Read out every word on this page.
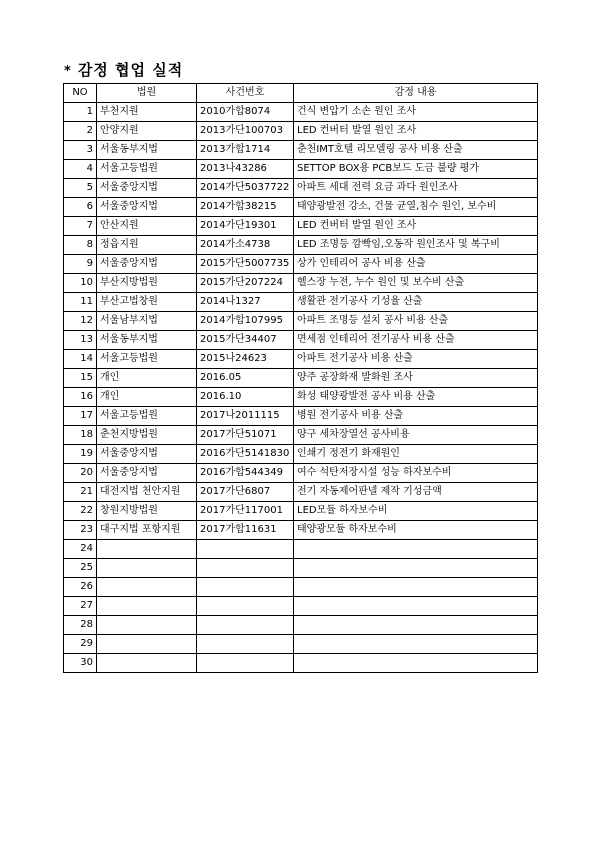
* 감정 협업 실적
NO	법원	사건번호	감정 내용
1	부천지원	2010가합8074	건식 변압기 소손 원인 조사
2	안양지원	2013가단100703	LED 컨버터 발열 원인 조사
3	서울동부지법	2013가합1714	춘천IMT호텔 리모델링 공사 비용 산출
4	서울고등법원	2013나43286	SETTOP BOX용 PCB보드 도금 불량 평가
5	서울중앙지법	2014가단5037722	아파트 세대 전력 요금 과다 원인조사
6	서울중앙지법	2014가합38215	태양광발전 강소, 건물 균열,침수 원인, 보수비
7	안산지원	2014가단19301	LED 컨버터 발열 원인 조사
8	정읍지원	2014가소4738	LED 조명등 깜빡임,오동작 원인조사 및 복구비
9	서울중앙지법	2015가단5007735	상가 인테리어 공사 비용 산출
10	부산지방법원	2015가단207224	헬스장 누전, 누수 원인 및 보수비 산출
11	부산고법창원	2014나1327	생활관 전기공사 기성율 산출
12	서울남부지법	2014가합107995	아파트 조명등 설치 공사 비용 산출
13	서울동부지법	2015가단34407	면세점 인테리어 전기공사 비용 산출
14	서울고등법원	2015나24623	아파트 전기공사 비용 산출
15	개인	2016.05	양주 공장화재 발화원 조사
16	개인	2016.10	화성 태양광발전 공사 비용 산출
17	서울고등법원	2017나2011115	병원 전기공사 비용 산출
18	춘천지방법원	2017가단51071	양구 세차장열선 공사비용
19	서울중앙지법	2016가단5141830	인쇄기 정전기 화재원인
20	서울중앙지법	2016가합544349	여수 석탄저장시설 성능 하자보수비
21	대전지법 천안지원	2017가단6807	전기 자동제어판넬 제작 기성금액
22	창원지방법원	2017가단117001	LED모듈 하자보수비
23	대구지법 포항지원	2017가합11631	태양광모듈 하자보수비
24			
25			
26			
27			
28			
29			
30			
